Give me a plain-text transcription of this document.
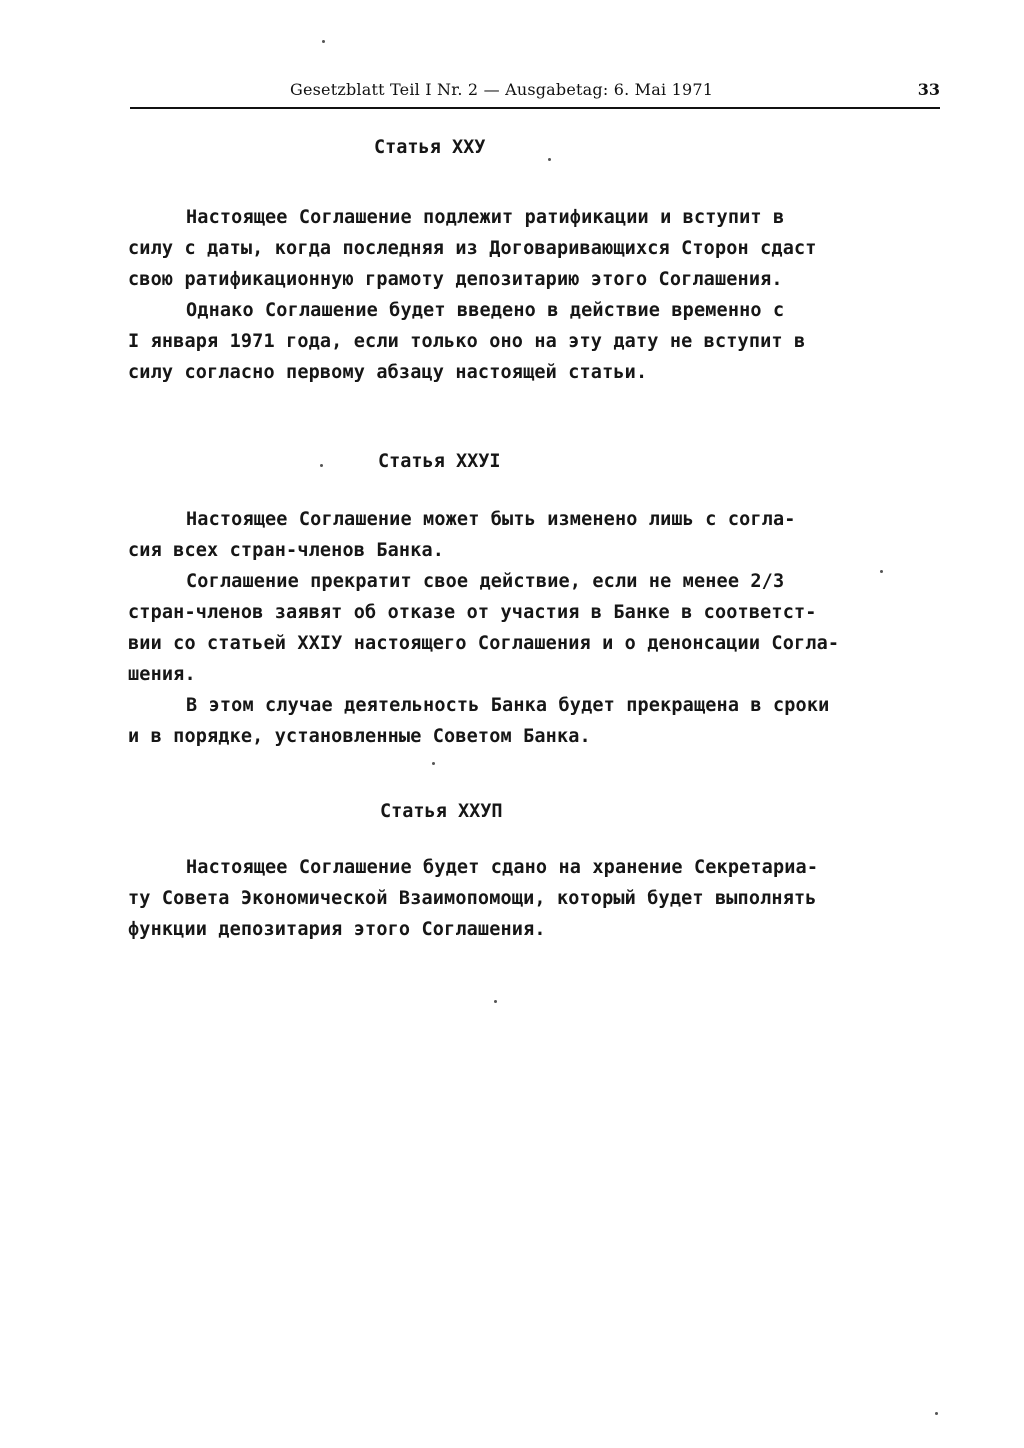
Gesetzblatt Teil I Nr. 2 — Ausgabetag: 6. Mai 1971	33
Статья ХХУ
Настоящее Соглашение подлежит ратификации и вступит в
силу с даты, когда последняя из Договаривающихся Сторон сдаст
свою ратификационную грамоту депозитарию этого Соглашения.
Однако Соглашение будет введено в действие временно с
I января 1971 года, если только оно на эту дату не вступит в
силу согласно первому абзацу настоящей статьи.
Статья ХХУI
Настоящее Соглашение может быть изменено лишь с согла-
сия всех стран-членов Банка.
Соглашение прекратит свое действие, если не менее 2/3
стран-членов заявят об отказе от участия в Банке в соответст-
вии со статьей ХХIУ настоящего Соглашения и о денонсации Согла-
шения.
В этом случае деятельность Банка будет прекращена в сроки
и в порядке, установленные Советом Банка.
Статья ХХУП
Настоящее Соглашение будет сдано на хранение Секретариа-
ту Совета Экономической Взаимопомощи, который будет выполнять
функции депозитария этого Соглашения.
